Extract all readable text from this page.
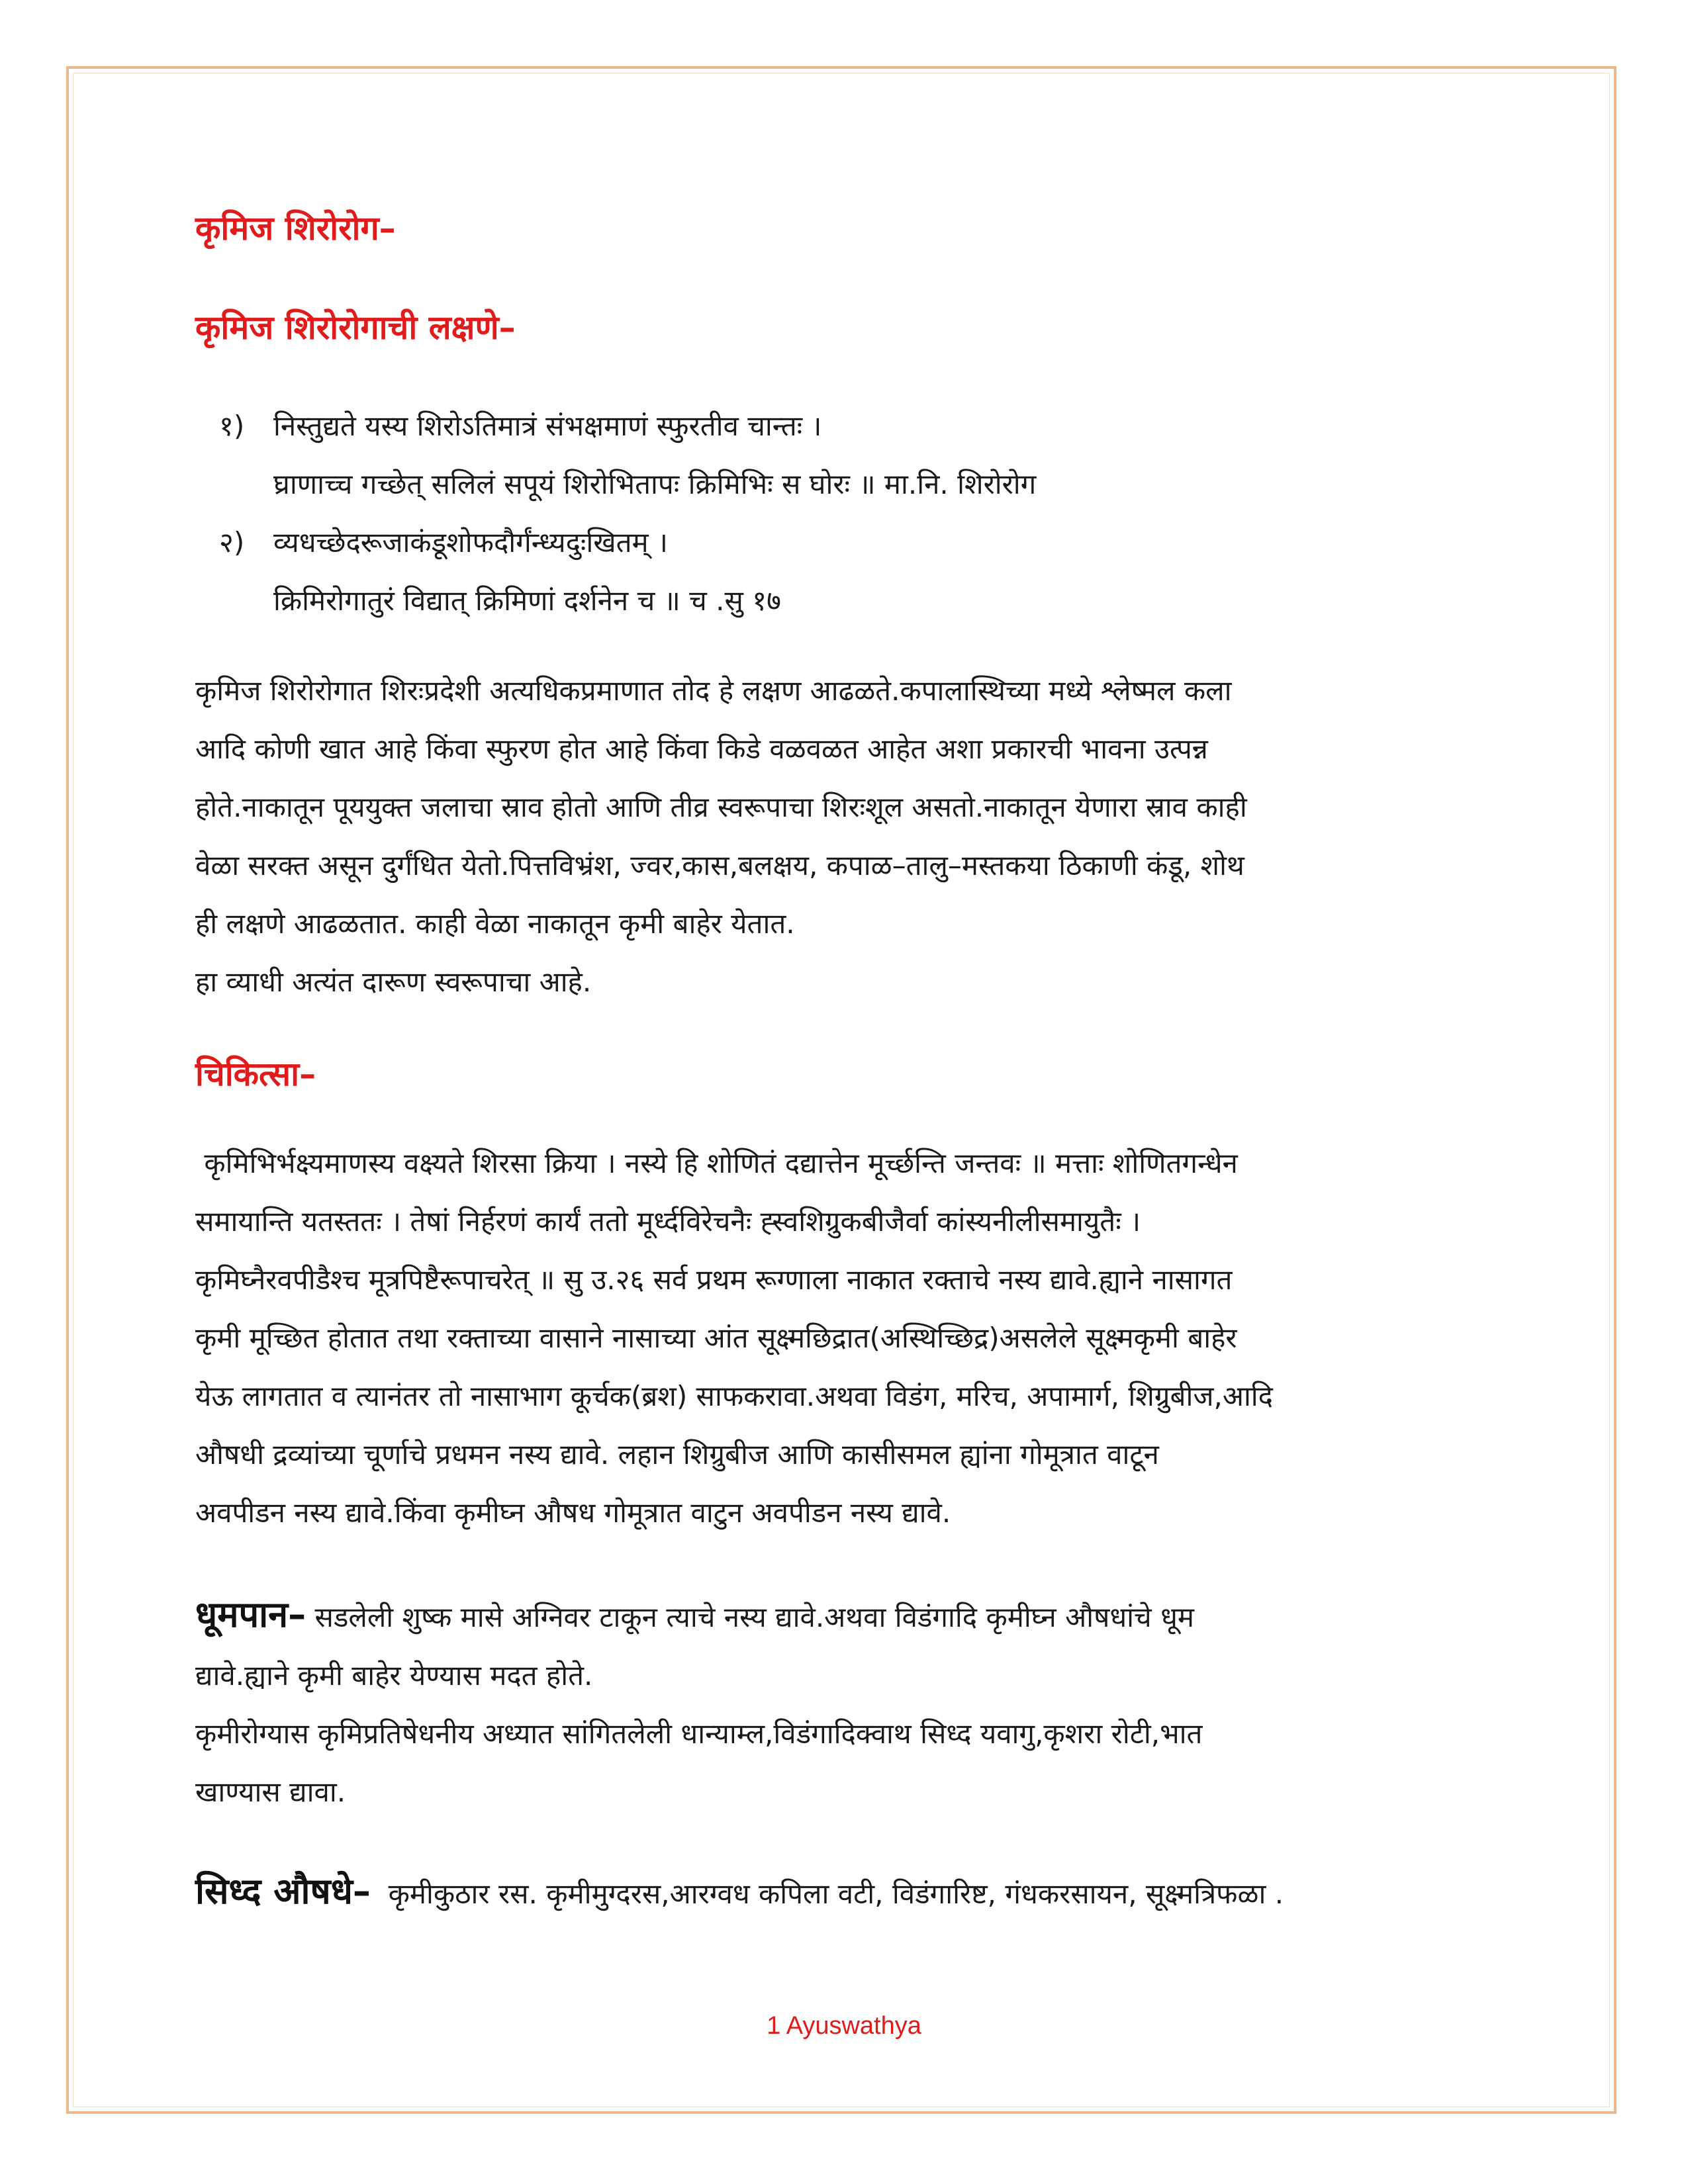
कृमिज शिरोरोग–
कृमिज शिरोरोगाची लक्षणे–
१) निस्तुद्यते यस्य शिरोऽतिमात्रं संभक्षमाणं स्फुरतीव चान्तः ।
घ्राणाच्च गच्छेत् सलिलं सपूयं शिरोभितापः क्रिमिभिः स घोरः ॥ मा.नि. शिरोरोग
२) व्यधच्छेदरूजाकंडूशोफदौर्गंन्ध्यदुःखितम् ।
क्रिमिरोगातुरं विद्यात् क्रिमिणां दर्शनेन च ॥ च .सु १७
कृमिज शिरोरोगात शिरःप्रदेशी अत्यधिकप्रमाणात तोद हे लक्षण आढळते.कपालास्थिच्या मध्ये श्लेष्मल कला
आदि कोणी खात आहे किंवा स्फुरण होत आहे किंवा किडे वळवळत आहेत अशा प्रकारची भावना उत्पन्न
होते.नाकातून पूययुक्त जलाचा स्राव होतो आणि तीव्र स्वरूपाचा शिरःशूल असतो.नाकातून येणारा स्राव काही
वेळा सरक्त असून दुर्गंधित येतो.पित्तविभ्रंश, ज्वर,कास,बलक्षय, कपाळ–तालु–मस्तकया ठिकाणी कंडू, शोथ
ही लक्षणे आढळतात. काही वेळा नाकातून कृमी बाहेर येतात.
हा व्याधी अत्यंत दारूण स्वरूपाचा आहे.
चिकित्सा–
कृमिभिर्भक्ष्यमाणस्य वक्ष्यते शिरसा क्रिया । नस्ये हि शोणितं दद्यात्तेन मूर्च्छन्ति जन्तवः ॥ मत्ताः शोणितगन्धेन
समायान्ति यतस्ततः । तेषां निर्हरणं कार्यं ततो मूर्ध्दविरेचनैः ह्स्वशिग्रुकबीजैर्वा कांस्यनीलीसमायुतैः ।
कृमिघ्नैरवपीडैश्च मूत्रपिष्टैरूपाचरेत् ॥ सु उ.२६ सर्व प्रथम रूग्णाला नाकात रक्ताचे नस्य द्यावे.ह्याने नासागत
कृमी मूच्छित होतात तथा रक्ताच्या वासाने नासाच्या आंत सूक्ष्मछिद्रात(अस्थिच्छिद्र)असलेले सूक्ष्मकृमी बाहेर
येऊ लागतात व त्यानंतर तो नासाभाग कूर्चक(ब्रश) साफकरावा.अथवा विडंग, मरिच, अपामार्ग, शिग्रुबीज,आदि
औषधी द्रव्यांच्या चूर्णाचे प्रधमन नस्य द्यावे. लहान शिग्रुबीज आणि कासीसमल ह्यांना गोमूत्रात वाटून
अवपीडन नस्य द्यावे.किंवा कृमीघ्न औषध गोमूत्रात वाटुन अवपीडन नस्य द्यावे.
धूमपान– सडलेली शुष्क मासे अग्निवर टाकून त्याचे नस्य द्यावे.अथवा विडंगादि कृमीघ्न औषधांचे धूम
द्यावे.ह्याने कृमी बाहेर येण्यास मदत होते.
कृमीरोग्यास कृमिप्रतिषेधनीय अध्यात सांगितलेली धान्याम्ल,विडंगादिक्वाथ सिध्द यवागु,कृशरा रोटी,भात
खाण्यास द्यावा.
सिध्द औषधे–  कृमीकुठार रस. कृमीमुग्दरस,आरग्वध कपिला वटी, विडंगारिष्ट, गंधकरसायन, सूक्ष्मत्रिफळा .
1 Ayuswathya
